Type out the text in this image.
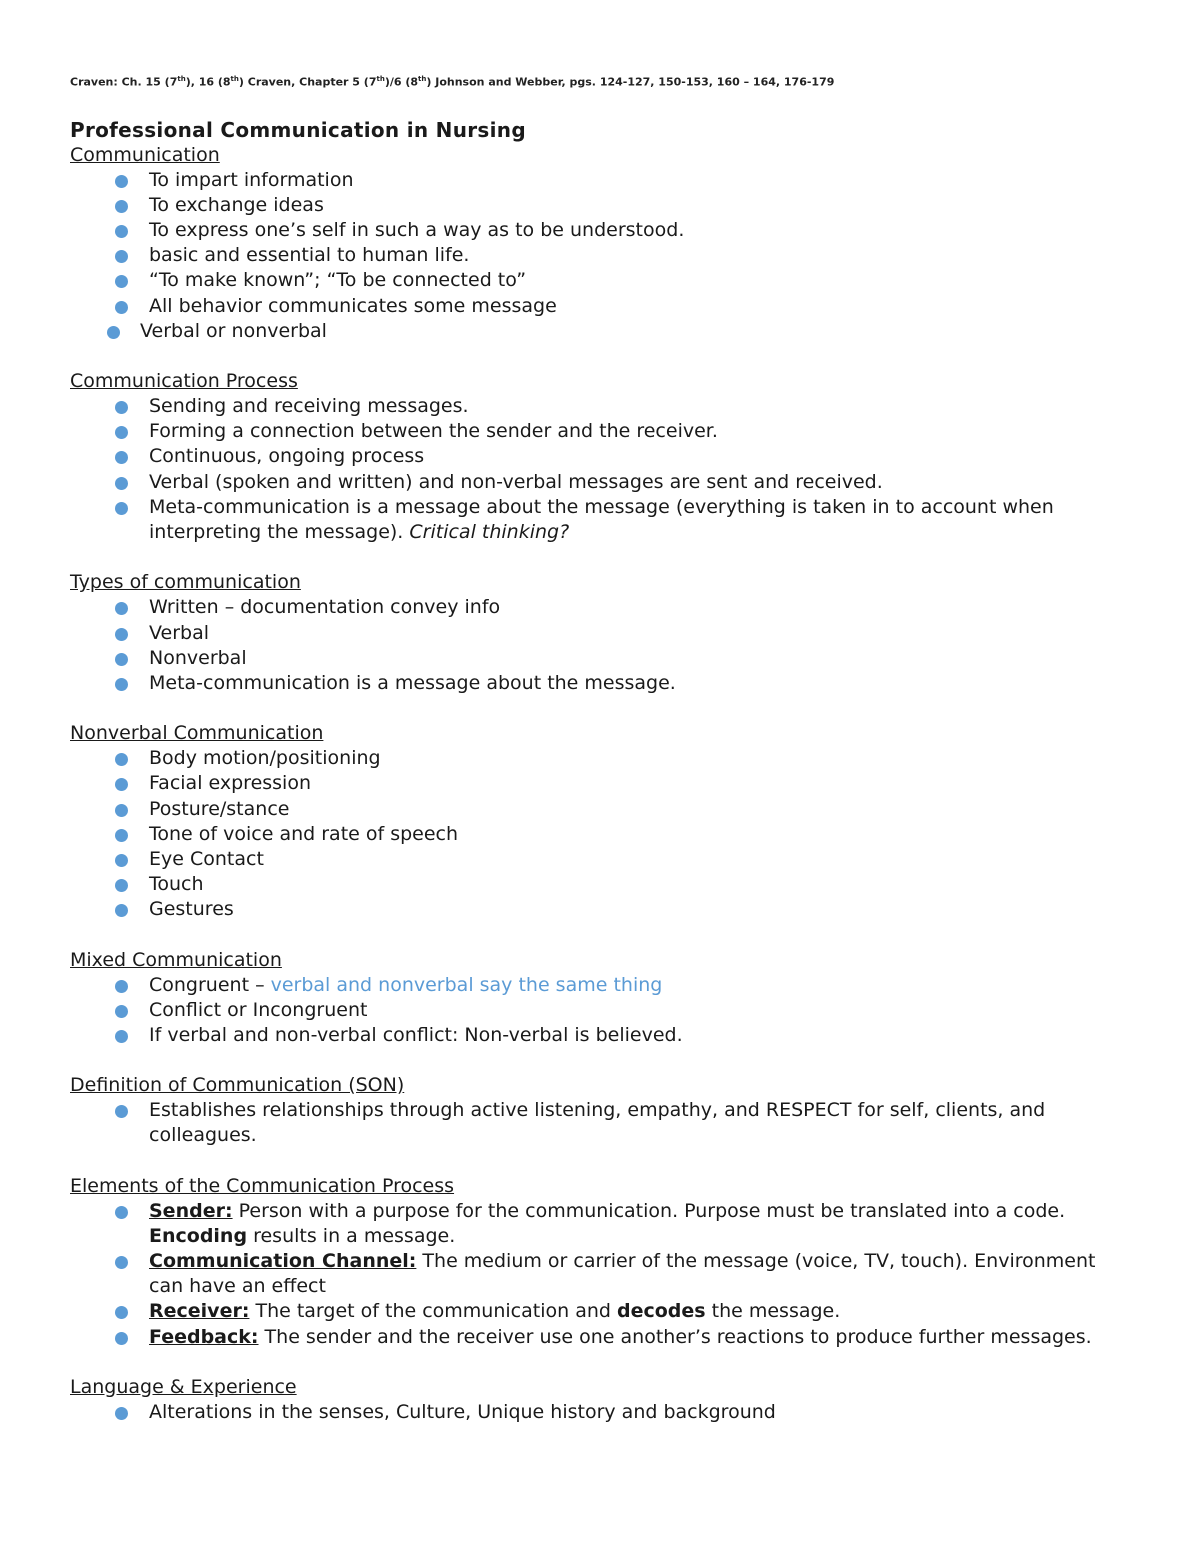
Craven: Ch. 15 (7th), 16 (8th) Craven, Chapter 5 (7th)/6 (8th) Johnson and Webber, pgs. 124-127, 150-153, 160 – 164, 176-179
Professional Communication in Nursing
Communication
To impart information
To exchange ideas
To express one’s self in such a way as to be understood.
basic and essential to human life.
“To make known”; “To be connected to”
All behavior communicates some message
Verbal or nonverbal
Communication Process
Sending and receiving messages.
Forming a connection between the sender and the receiver.
Continuous, ongoing process
Verbal (spoken and written) and non-verbal messages are sent and received.
Meta-communication is a message about the message (everything is taken in to account when interpreting the message). Critical thinking?
Types of communication
Written – documentation convey info
Verbal
Nonverbal
Meta-communication is a message about the message.
Nonverbal Communication
Body motion/positioning
Facial expression
Posture/stance
Tone of voice and rate of speech
Eye Contact
Touch
Gestures
Mixed Communication
Congruent – verbal and nonverbal say the same thing
Conflict or Incongruent
If verbal and non-verbal conflict: Non-verbal is believed.
Definition of Communication (SON)
Establishes relationships through active listening, empathy, and RESPECT for self, clients, and colleagues.
Elements of the Communication Process
Sender: Person with a purpose for the communication. Purpose must be translated into a code. Encoding results in a message.
Communication Channel: The medium or carrier of the message (voice, TV, touch). Environment can have an effect
Receiver: The target of the communication and decodes the message.
Feedback: The sender and the receiver use one another’s reactions to produce further messages.
Language & Experience
Alterations in the senses, Culture, Unique history and background
